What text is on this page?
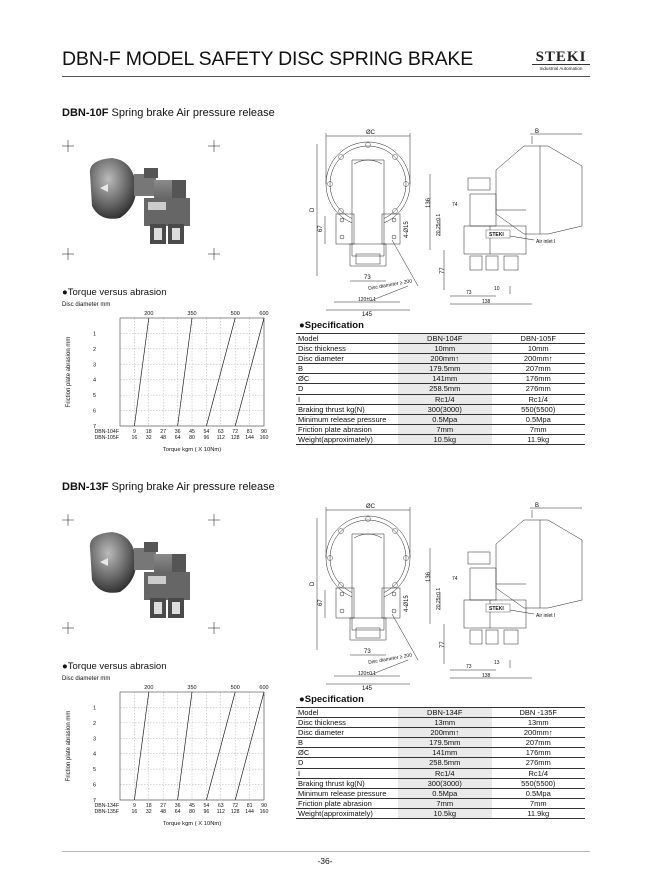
DBN-F MODEL SAFETY DISC SPRING BRAKE	STEKI
Industrial Automation
DBN-10F Spring brake Air pressure release
●Torque versus abrasion
Disc diameter mm
200	350	500	600
1
2
3
4
5
6
7
Friction plate abrasion mm
DBN-104F	9 18 27 36 45 54 63 72 81 90
DBN-105F 16 32 48 64 80 96 112 128 144 160
Torque kgm ( X 10Nm)
ØC	B
D
67	4-Ø15
73
Disc diameter ≥ 200
120±0.1
145
136	74
20.25±0.1
77
10
73
138
Air inlet I
STEKI
●Specification
Model	DBN-104F	DBN-105F
Disc thickness	10mm	10mm
Disc diameter	200mm↑	200mm↑
B	179.5mm	207mm
ØC	141mm	176mm
D	258.5mm	276mm
I	Rc1/4	Rc1/4
Braking thrust kg(N)	300(3000)	550(5500)
Minimum release pressure	0.5Mpa	0.5Mpa
Friction plate abrasion	7mm	7mm
Weight(approximately)	10.5kg	11.9kg
DBN-13F Spring brake Air pressure release
●Torque versus abrasion
Disc diameter mm
200	350	500	600
1
2
3
4
5
6
7
Friction plate abrasion mm
DBN-134F	9 18 27 36 45 54 63 72 81 90
DBN-135F 16 32 48 64 80 96 112 128 144 160
Torque kgm ( X 10Nm)
ØC	B
D
67	4-Ø15
73
Disc diameter ≥ 200
120±0.1
145
136	74
20.25±0.1
77
13
73
138
Air inlet I
STEKI
●Specification
Model	DBN-134F	DBN -135F
Disc thickness	13mm	13mm
Disc diameter	200mm↑	200mm↑
B	179.5mm	207mm
ØC	141mm	176mm
D	258.5mm	276mm
I	Rc1/4	Rc1/4
Braking thrust kg(N)	300(3000)	550(5500)
Minimum release pressure	0.5Mpa	0.5Mpa
Friction plate abrasion	7mm	7mm
Weight(approximately)	10.5kg	11.9kg
-36-
